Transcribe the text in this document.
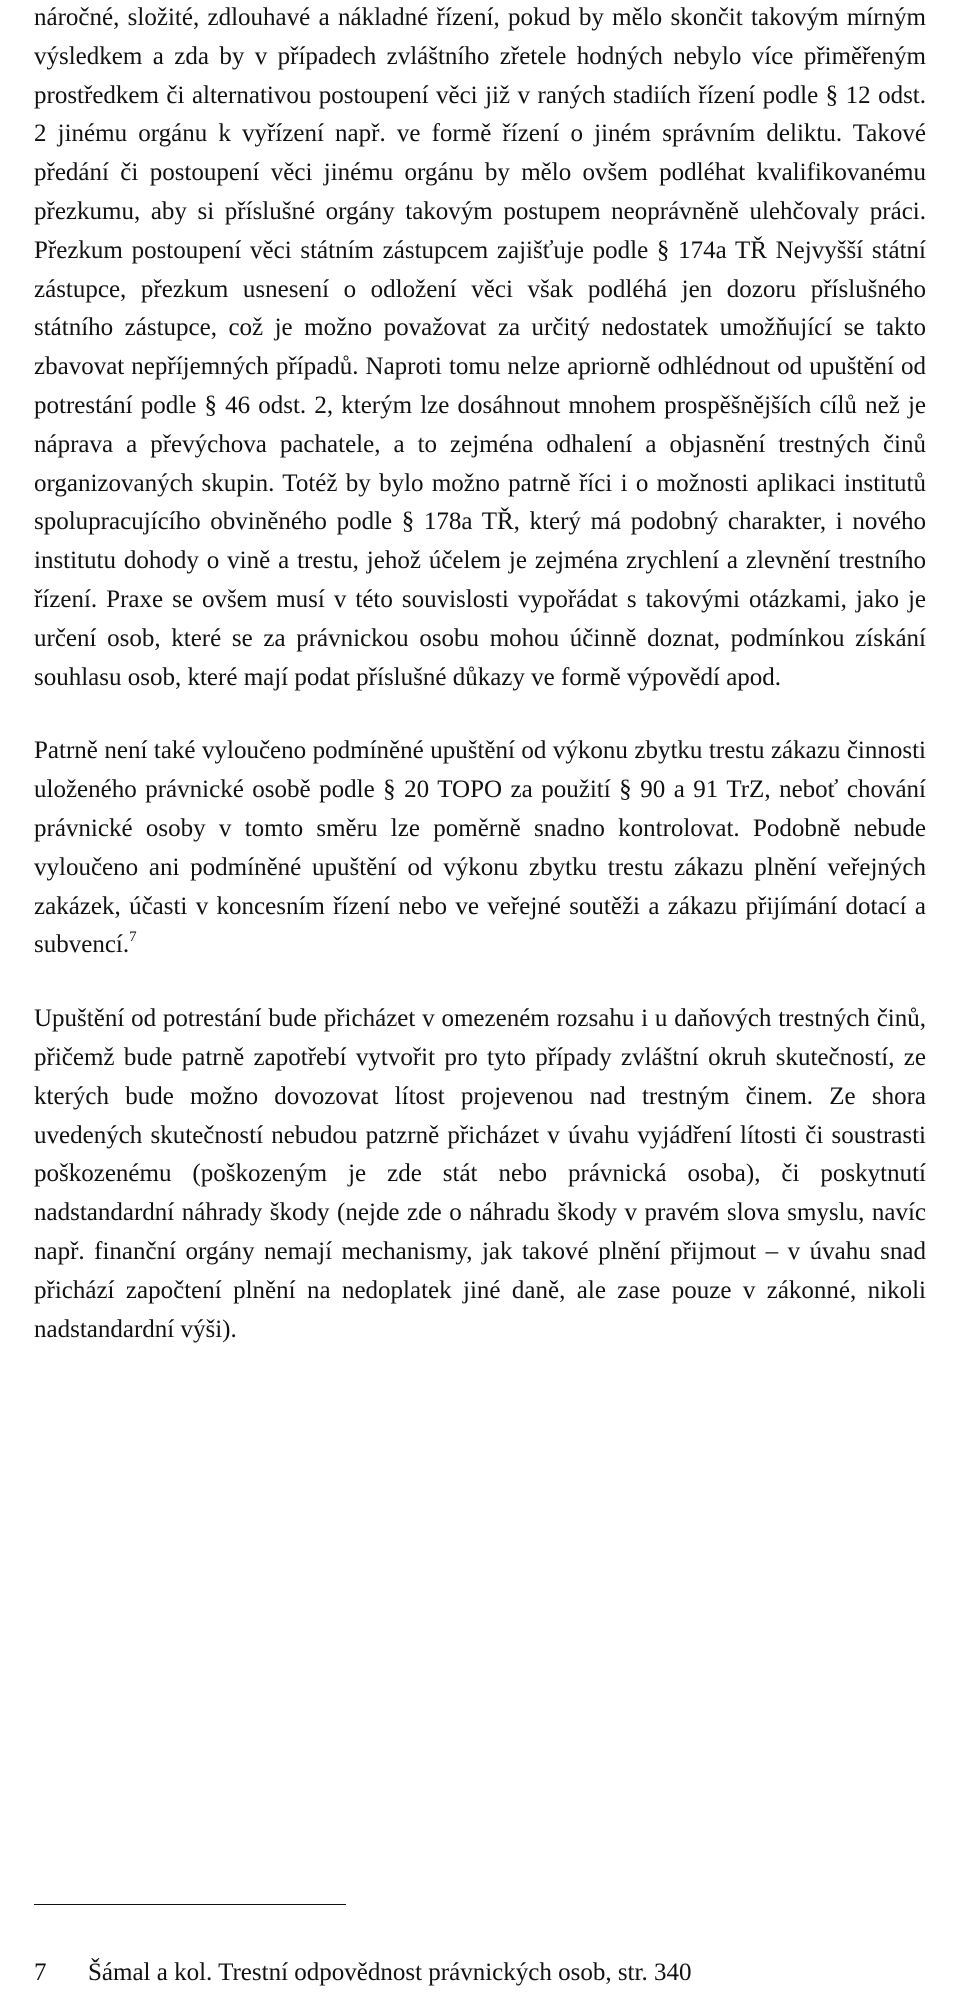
náročné, složité, zdlouhavé a nákladné řízení, pokud by mělo skončit takovým mírným výsledkem a zda by v případech zvláštního zřetele hodných nebylo více přiměřeným prostředkem či alternativou postoupení věci již v raných stadiích řízení podle § 12 odst. 2 jinému orgánu k vyřízení např. ve formě řízení o jiném správním deliktu. Takové předání či postoupení věci jinému orgánu by mělo ovšem podléhat kvalifikovanému přezkumu, aby si příslušné orgány takovým postupem neoprávněně ulehčovaly práci. Přezkum postoupení věci státním zástupcem zajišťuje podle § 174a TŘ Nejvyšší státní zástupce, přezkum usnesení o odložení věci však podléhá jen dozoru příslušného státního zástupce, což je možno považovat za určitý nedostatek umožňující se takto zbavovat nepříjemných případů. Naproti tomu nelze apriorně odhlédnout od upuštění od potrestání podle § 46 odst. 2, kterým lze dosáhnout mnohem prospěšnějších cílů než je náprava a převýchova pachatele, a to zejména odhalení a objasnění trestných činů organizovaných skupin. Totéž by bylo možno patrně říci i o možnosti aplikaci institutů spolupracujícího obviněného podle § 178a TŘ, který má podobný charakter, i nového institutu dohody o vině a trestu, jehož účelem je zejména zrychlení a zlevnění trestního řízení. Praxe se ovšem musí v této souvislosti vypořádat s takovými otázkami, jako je určení osob, které se za právnickou osobu mohou účinně doznat, podmínkou získání souhlasu osob, které mají podat příslušné důkazy ve formě výpovědí apod.

Patrně není také vyloučeno podmíněné upuštění od výkonu zbytku trestu zákazu činnosti uloženého právnické osobě podle § 20 TOPO za použití § 90 a 91 TrZ, neboť chování právnické osoby v tomto směru lze poměrně snadno kontrolovat. Podobně nebude vyloučeno ani podmíněné upuštění od výkonu zbytku trestu zákazu plnění veřejných zakázek, účasti v koncesním řízení nebo ve veřejné soutěži a zákazu přijímání dotací a subvencí.$^7$

Upuštění od potrestání bude přicházet v omezeném rozsahu i u daňových trestných činů, přičemž bude patrně zapotřebí vytvořit pro tyto případy zvláštní okruh skutečností, ze kterých bude možno dovozovat lítost projevenou nad trestným činem. Ze shora uvedených skutečností nebudou patzrně přicházet v úvahu vyjádření lítosti či soustrasti poškozenému (poškozeným je zde stát nebo právnická osoba), či poskytnutí nadstandardní náhrady škody (nejde zde o náhradu škody v pravém slova smyslu, navíc např. finanční orgány nemají mechanismy, jak takové plnění přijmout – v úvahu snad přichází započtení plnění na nedoplatek jiné daně, ale zase pouze v zákonné, nikoli nadstandardní výši).

7 Šámal a kol. Trestní odpovědnost právnických osob, str. 340
